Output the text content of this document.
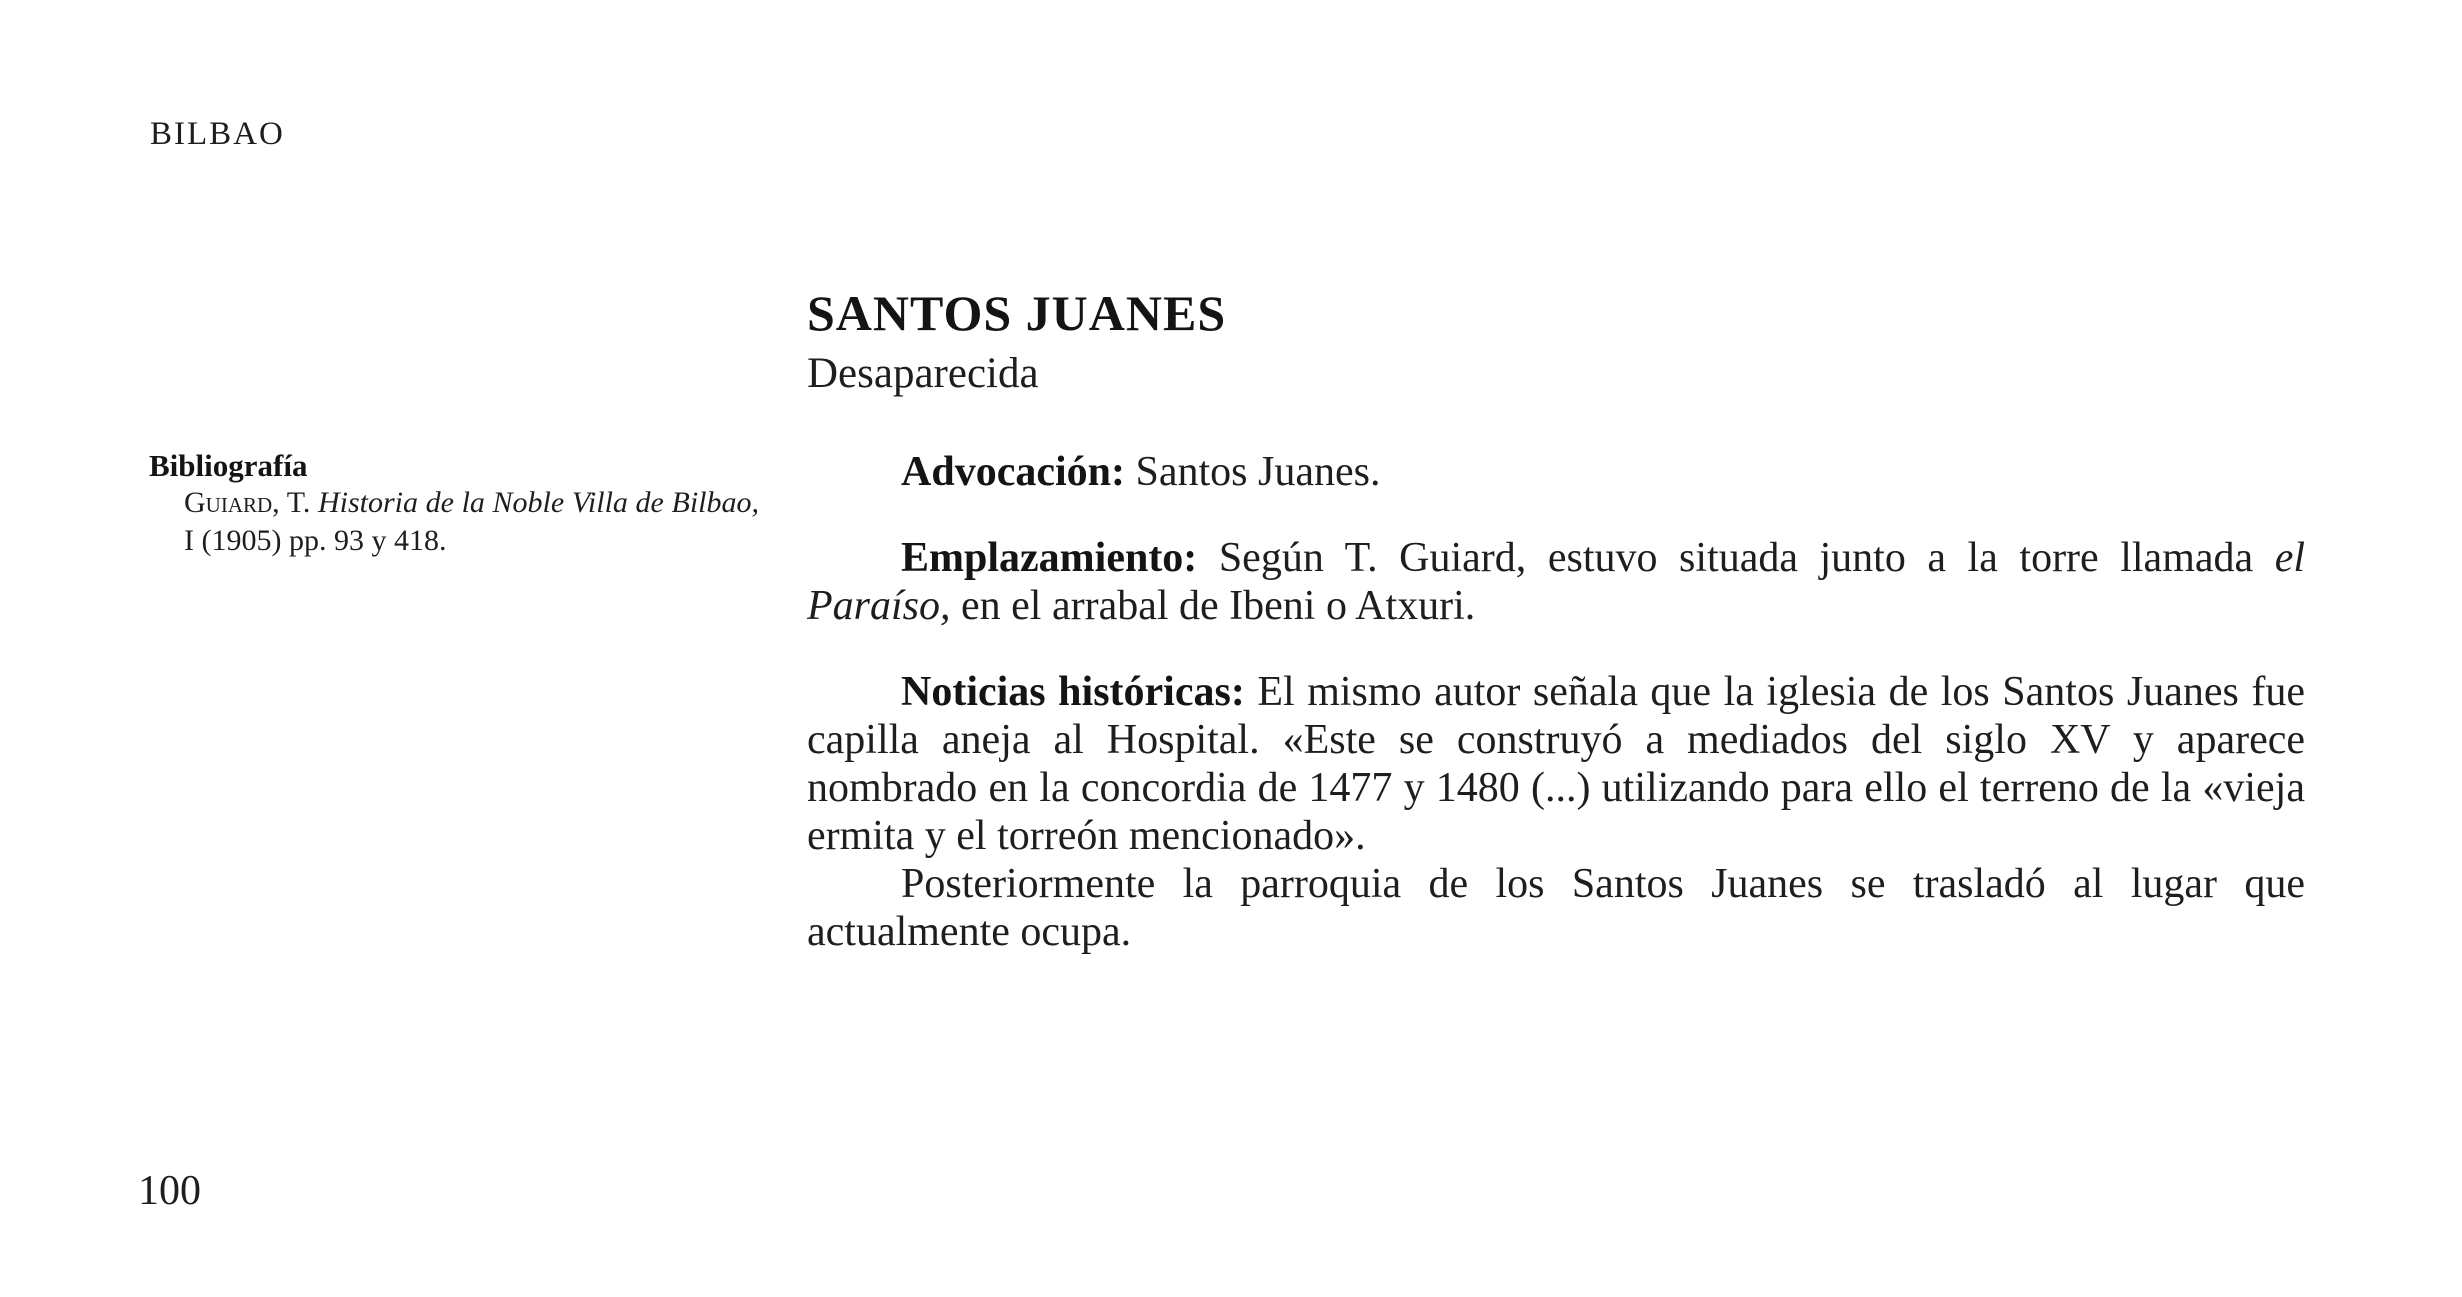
BILBAO
SANTOS JUANES
Desaparecida
Bibliografía
Guiard, T. Historia de la Noble Villa de Bilbao, I (1905) pp. 93 y 418.

Advocación: Santos Juanes.

Emplazamiento: Según T. Guiard, estuvo situada junto a la torre llamada el Paraíso, en el arrabal de Ibeni o Atxuri.

Noticias históricas: El mismo autor señala que la iglesia de los Santos Juanes fue capilla aneja al Hospital. «Este se construyó a mediados del siglo XV y aparece nombrado en la concordia de 1477 y 1480 (...) utilizando para ello el terreno de la «vieja ermita y el torreón mencionado».

Posteriormente la parroquia de los Santos Juanes se trasladó al lugar que actualmente ocupa.

100
